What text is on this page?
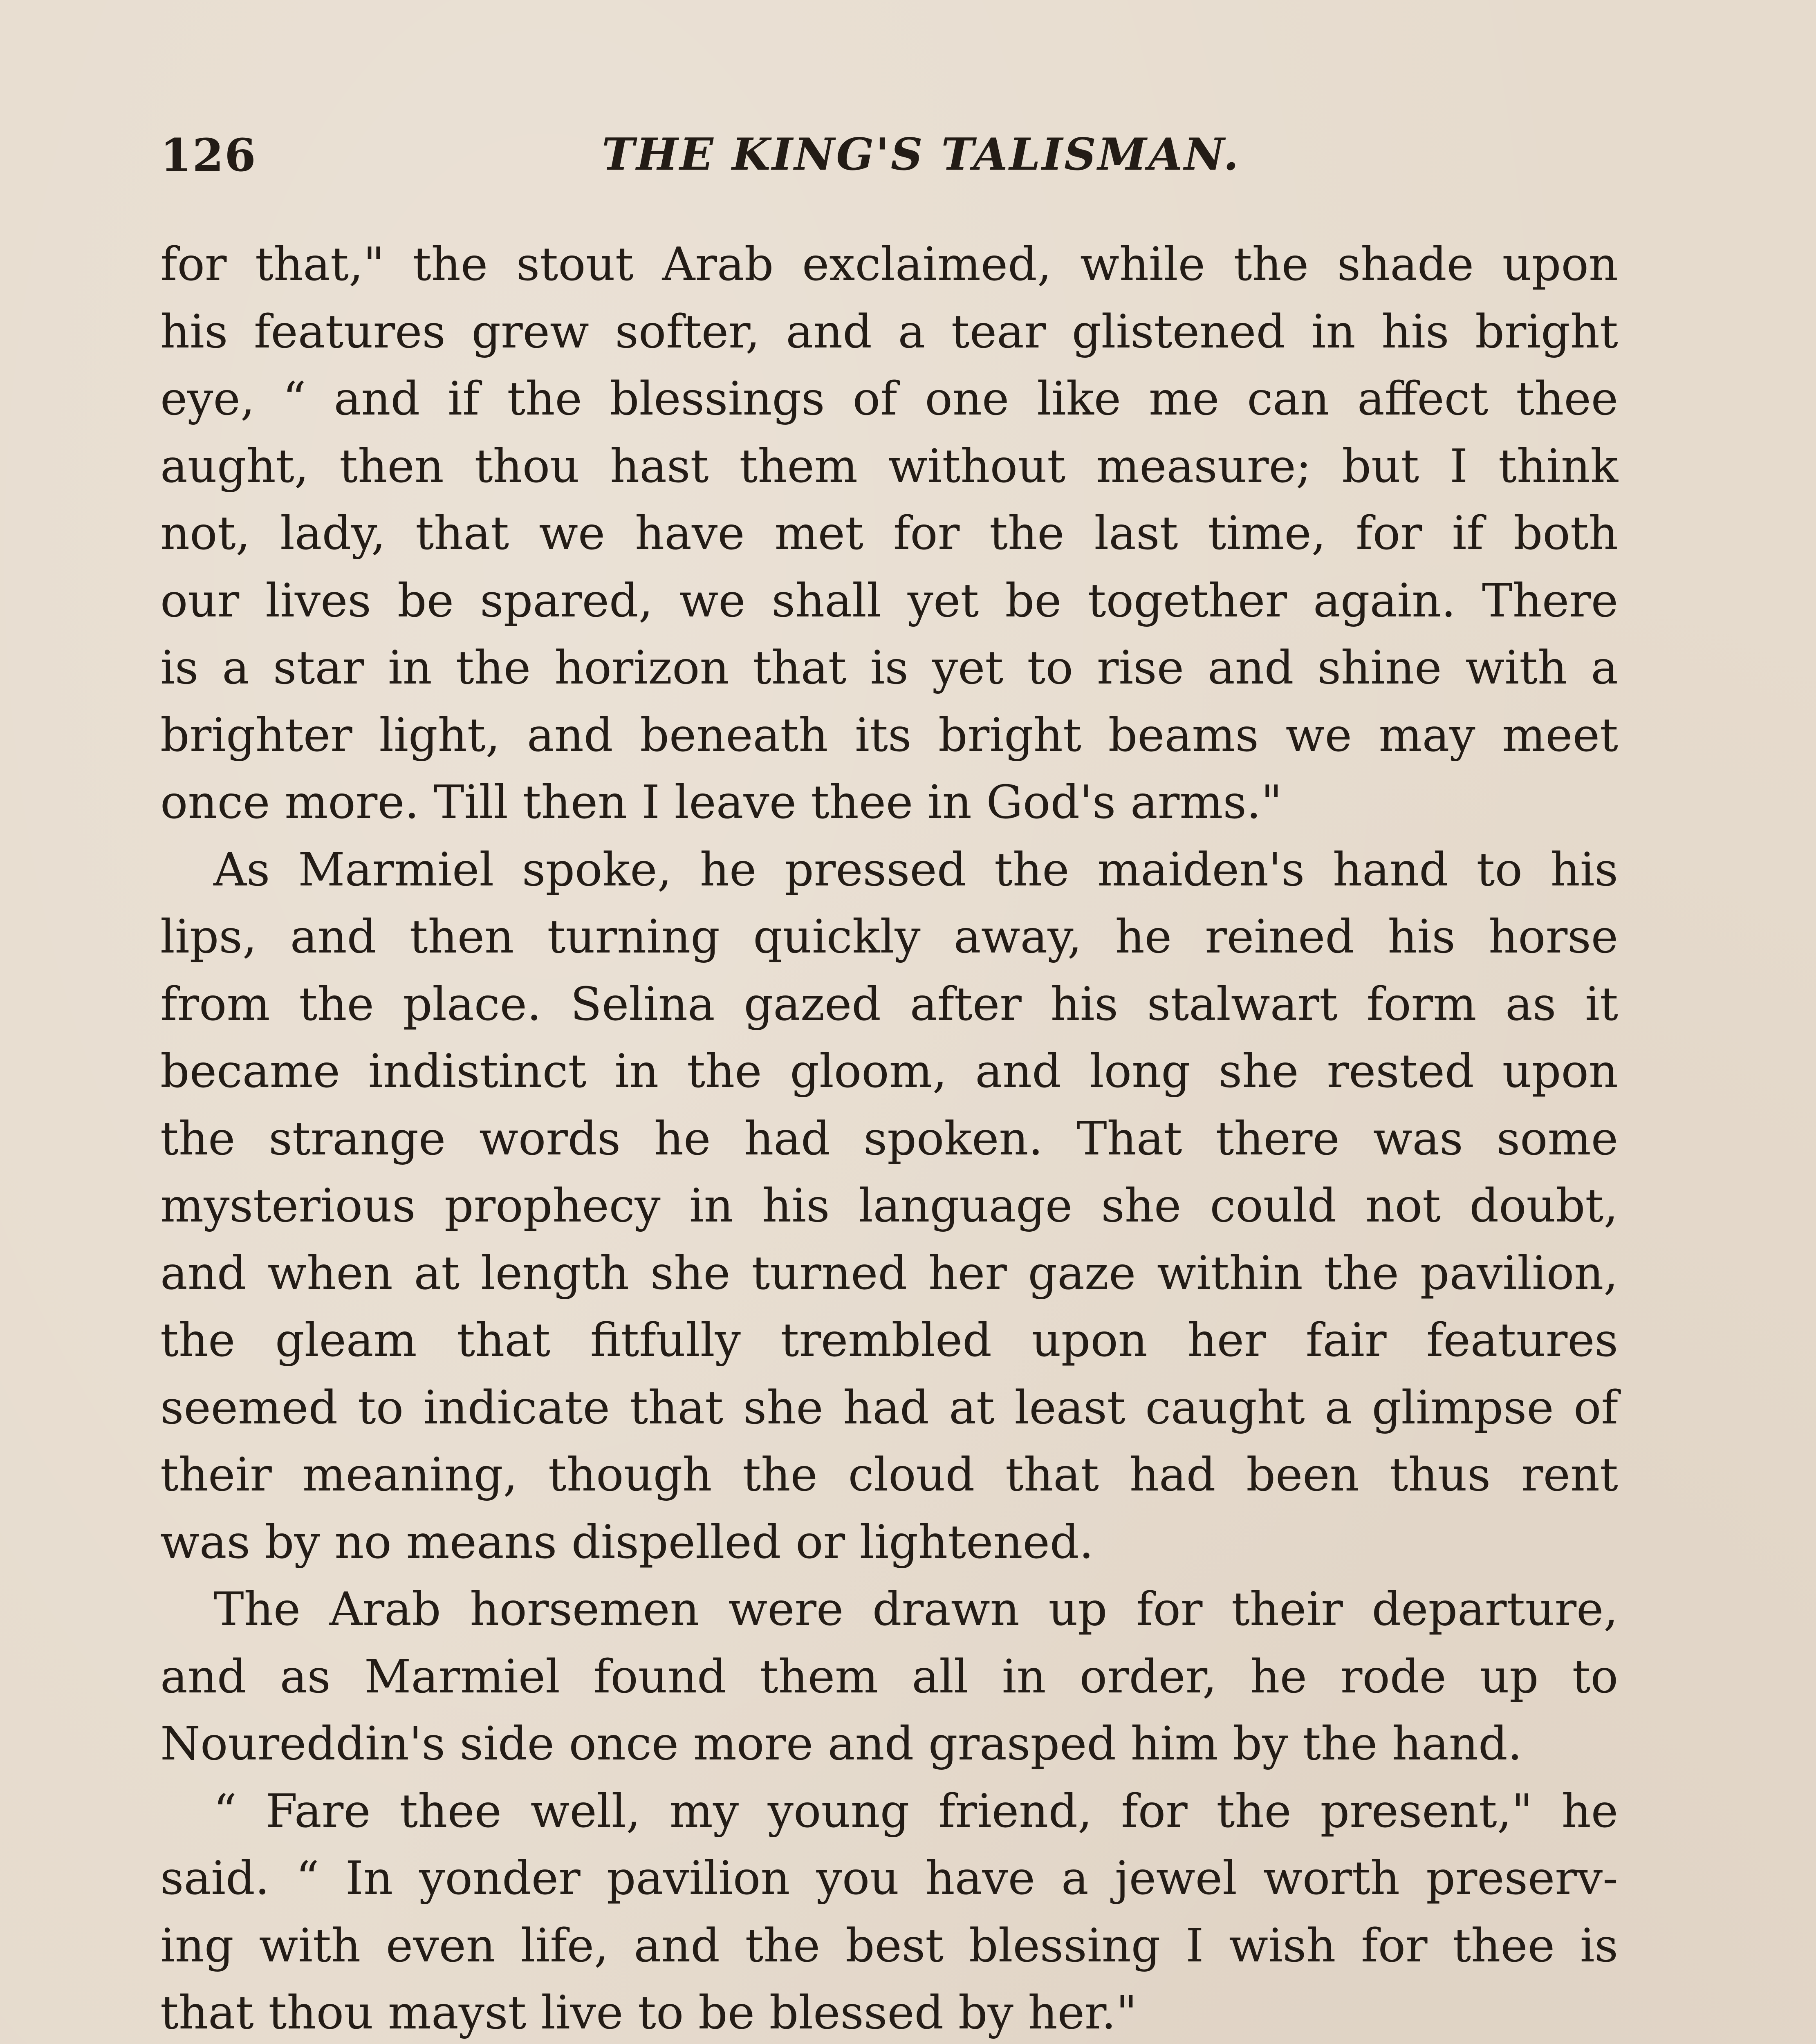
126	THE KING'S TALISMAN.
for that," the stout Arab exclaimed, while the shade upon
his features grew softer, and a tear glistened in his bright
eye, “ and if the blessings of one like me can affect thee
aught, then thou hast them without measure; but I think
not, lady, that we have met for the last time, for if both
our lives be spared, we shall yet be together again. There
is a star in the horizon that is yet to rise and shine with a
brighter light, and beneath its bright beams we may meet
once more. Till then I leave thee in God's arms."
As Marmiel spoke, he pressed the maiden's hand to his
lips, and then turning quickly away, he reined his horse
from the place. Selina gazed after his stalwart form as it
became indistinct in the gloom, and long she rested upon
the strange words he had spoken. That there was some
mysterious prophecy in his language she could not doubt,
and when at length she turned her gaze within the pavilion,
the gleam that fitfully trembled upon her fair features
seemed to indicate that she had at least caught a glimpse of
their meaning, though the cloud that had been thus rent
was by no means dispelled or lightened.
The Arab horsemen were drawn up for their departure,
and as Marmiel found them all in order, he rode up to
Noureddin's side once more and grasped him by the hand.
“ Fare thee well, my young friend, for the present," he
said. “ In yonder pavilion you have a jewel worth preserv-
ing with even life, and the best blessing I wish for thee is
that thou mayst live to be blessed by her."
